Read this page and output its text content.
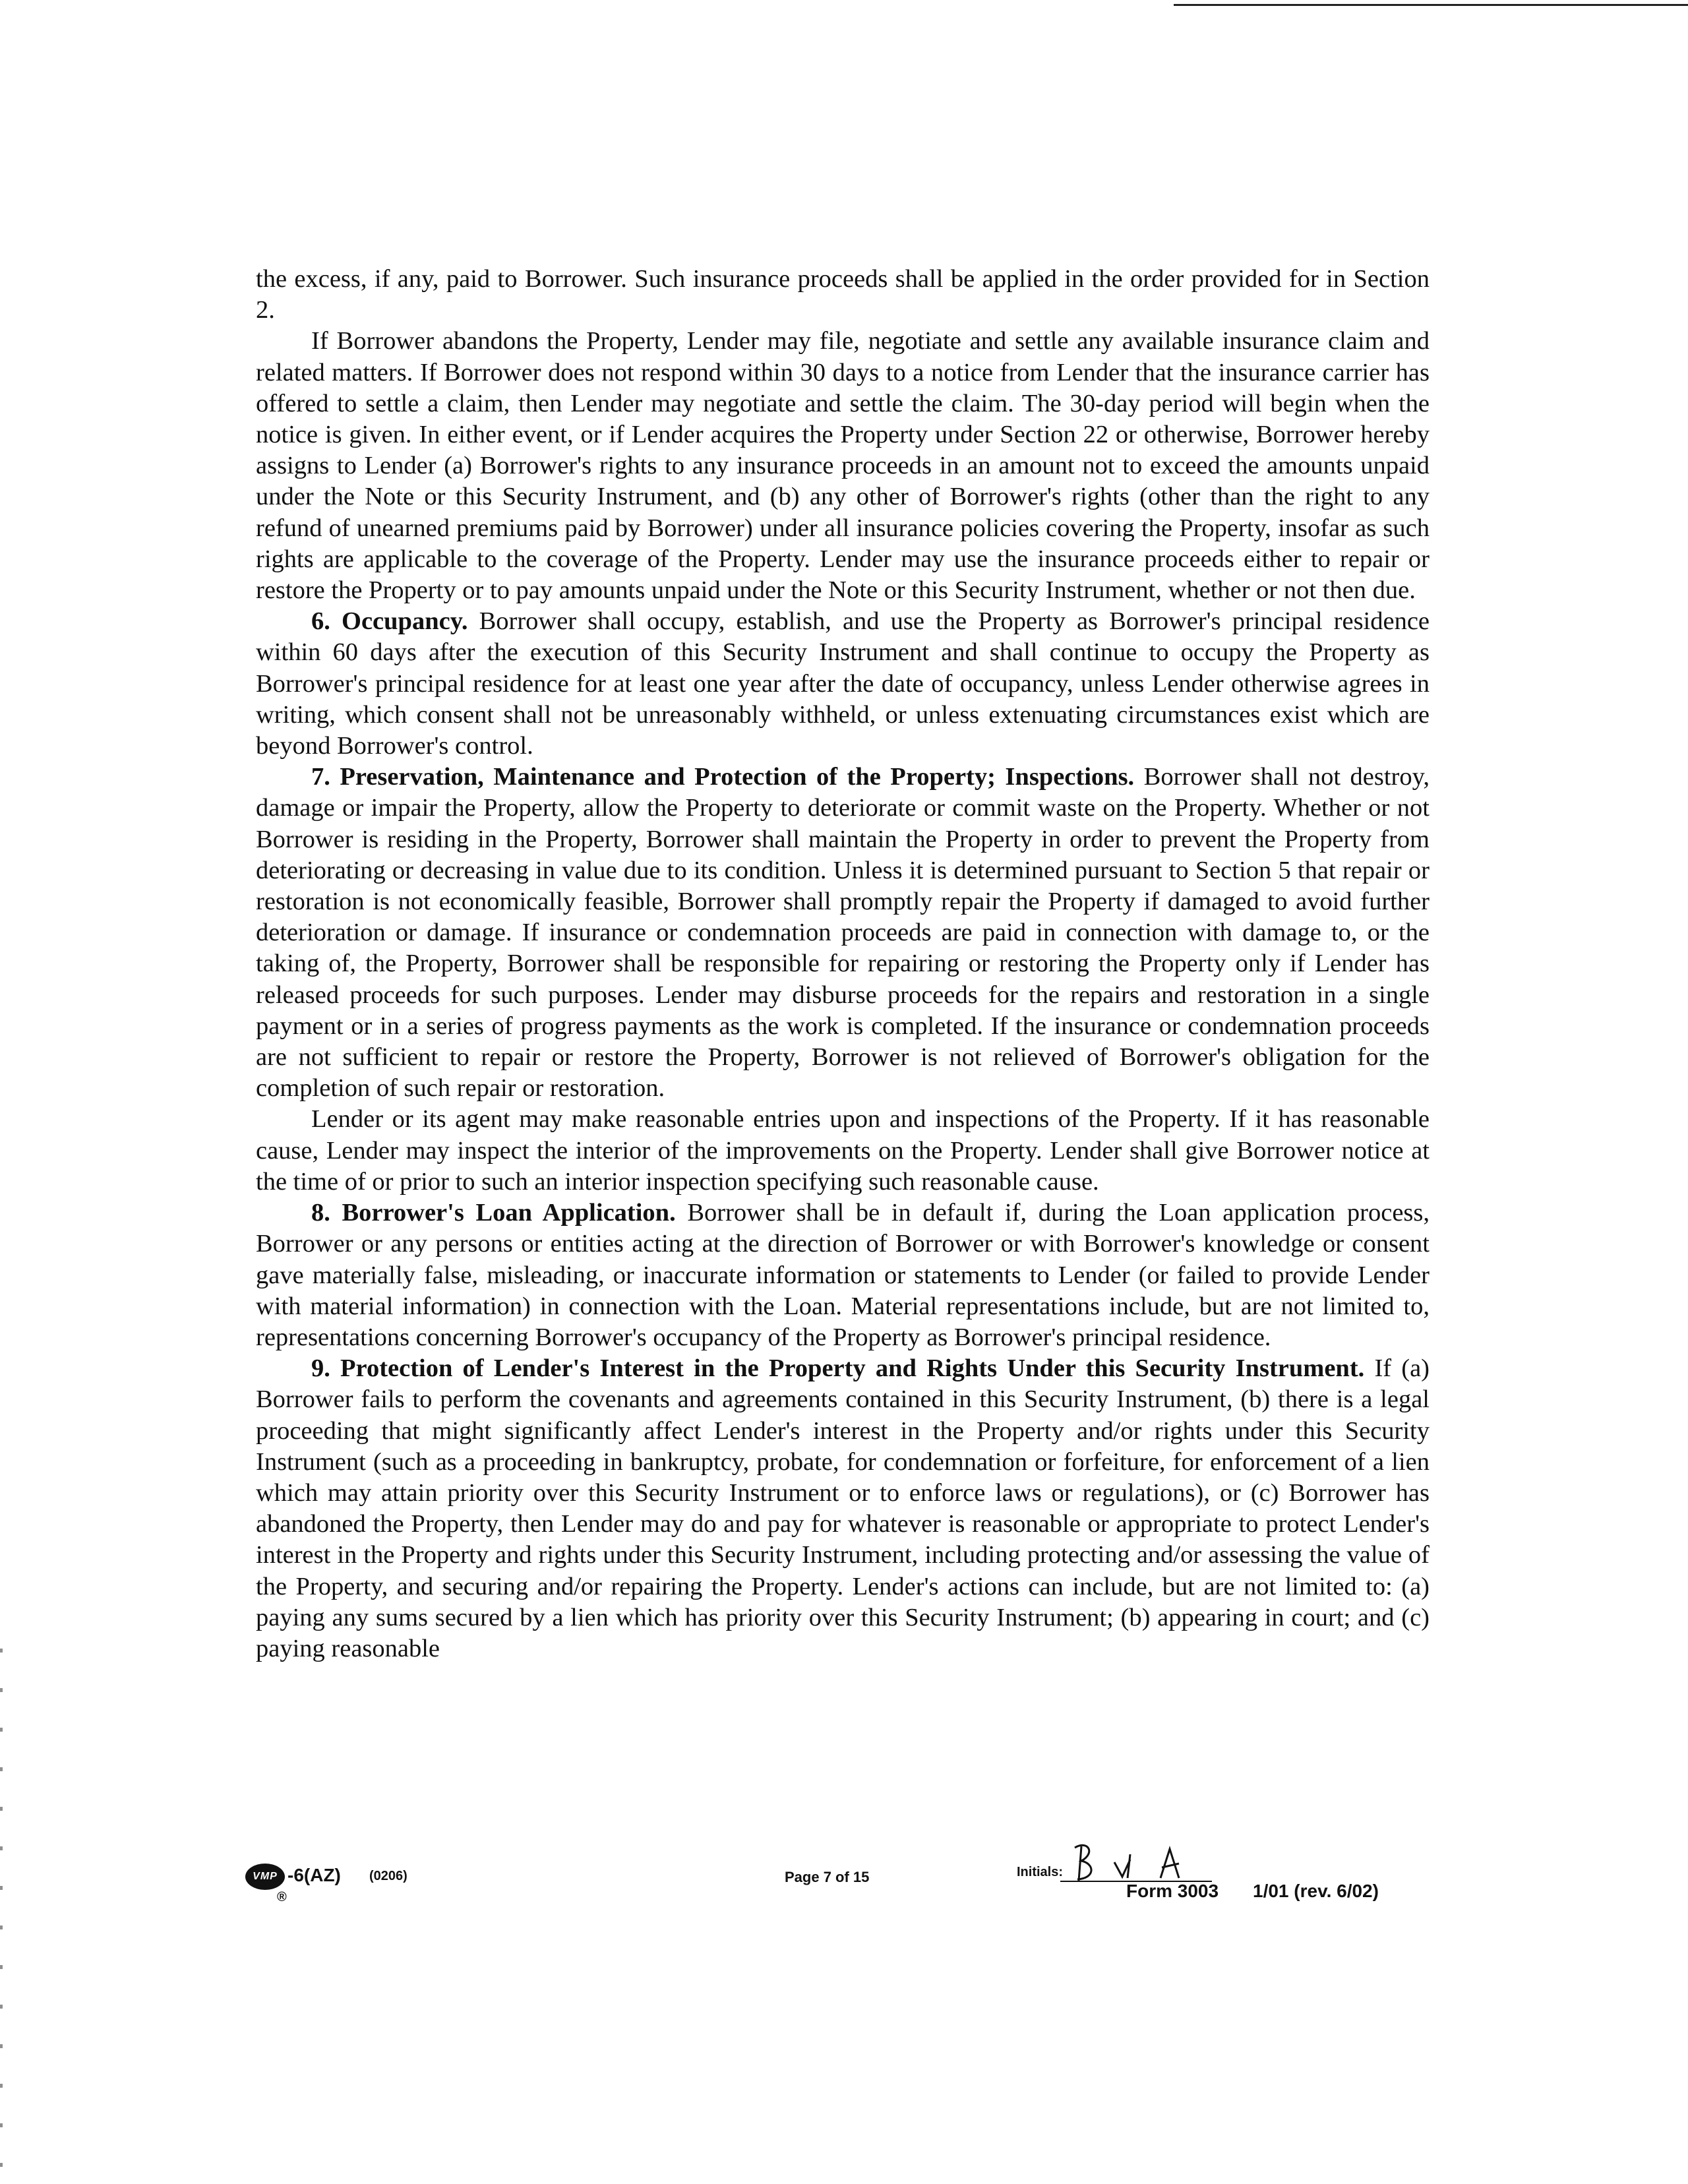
the excess, if any, paid to Borrower. Such insurance proceeds shall be applied in the order provided for in Section 2.

If Borrower abandons the Property, Lender may file, negotiate and settle any available insurance claim and related matters. If Borrower does not respond within 30 days to a notice from Lender that the insurance carrier has offered to settle a claim, then Lender may negotiate and settle the claim. The 30-day period will begin when the notice is given. In either event, or if Lender acquires the Property under Section 22 or otherwise, Borrower hereby assigns to Lender (a) Borrower's rights to any insurance proceeds in an amount not to exceed the amounts unpaid under the Note or this Security Instrument, and (b) any other of Borrower's rights (other than the right to any refund of unearned premiums paid by Borrower) under all insurance policies covering the Property, insofar as such rights are applicable to the coverage of the Property. Lender may use the insurance proceeds either to repair or restore the Property or to pay amounts unpaid under the Note or this Security Instrument, whether or not then due.

6. Occupancy. Borrower shall occupy, establish, and use the Property as Borrower's principal residence within 60 days after the execution of this Security Instrument and shall continue to occupy the Property as Borrower's principal residence for at least one year after the date of occupancy, unless Lender otherwise agrees in writing, which consent shall not be unreasonably withheld, or unless extenuating circumstances exist which are beyond Borrower's control.

7. Preservation, Maintenance and Protection of the Property; Inspections. Borrower shall not destroy, damage or impair the Property, allow the Property to deteriorate or commit waste on the Property. Whether or not Borrower is residing in the Property, Borrower shall maintain the Property in order to prevent the Property from deteriorating or decreasing in value due to its condition. Unless it is determined pursuant to Section 5 that repair or restoration is not economically feasible, Borrower shall promptly repair the Property if damaged to avoid further deterioration or damage. If insurance or condemnation proceeds are paid in connection with damage to, or the taking of, the Property, Borrower shall be responsible for repairing or restoring the Property only if Lender has released proceeds for such purposes. Lender may disburse proceeds for the repairs and restoration in a single payment or in a series of progress payments as the work is completed. If the insurance or condemnation proceeds are not sufficient to repair or restore the Property, Borrower is not relieved of Borrower's obligation for the completion of such repair or restoration.

Lender or its agent may make reasonable entries upon and inspections of the Property. If it has reasonable cause, Lender may inspect the interior of the improvements on the Property. Lender shall give Borrower notice at the time of or prior to such an interior inspection specifying such reasonable cause.

8. Borrower's Loan Application. Borrower shall be in default if, during the Loan application process, Borrower or any persons or entities acting at the direction of Borrower or with Borrower's knowledge or consent gave materially false, misleading, or inaccurate information or statements to Lender (or failed to provide Lender with material information) in connection with the Loan. Material representations include, but are not limited to, representations concerning Borrower's occupancy of the Property as Borrower's principal residence.

9. Protection of Lender's Interest in the Property and Rights Under this Security Instrument. If (a) Borrower fails to perform the covenants and agreements contained in this Security Instrument, (b) there is a legal proceeding that might significantly affect Lender's interest in the Property and/or rights under this Security Instrument (such as a proceeding in bankruptcy, probate, for condemnation or forfeiture, for enforcement of a lien which may attain priority over this Security Instrument or to enforce laws or regulations), or (c) Borrower has abandoned the Property, then Lender may do and pay for whatever is reasonable or appropriate to protect Lender's interest in the Property and rights under this Security Instrument, including protecting and/or assessing the value of the Property, and securing and/or repairing the Property. Lender's actions can include, but are not limited to: (a) paying any sums secured by a lien which has priority over this Security Instrument; (b) appearing in court; and (c) paying reasonable

VMP
®
-6(AZ) (0206)	Page 7 of 15	Initials:
Form 3003 1/01 (rev. 6/02)
